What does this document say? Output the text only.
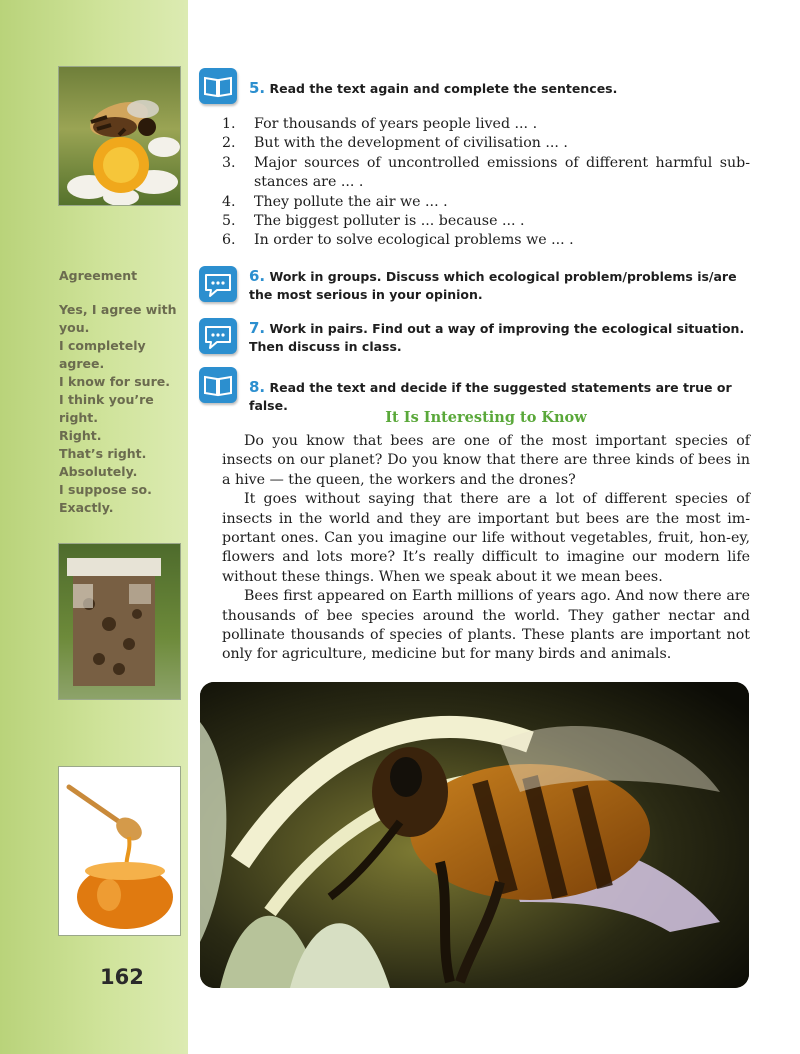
Agreement
Yes, I agree with you.
I completely agree.
I know for sure.
I think you’re right.
Right.
That’s right.
Absolutely.
I suppose so.
Exactly.
162
5. Read the text again and complete the sentences.
1. For thousands of years people lived ... .
2. But with the development of civilisation ... .
3. Major sources of uncontrolled emissions of different harmful sub-stances are ... .
4. They pollute the air we ... .
5. The biggest polluter is ... because ... .
6. In order to solve ecological problems we ... .
6. Work in groups. Discuss which ecological problem/problems is/are the most serious in your opinion.
7. Work in pairs. Find out a way of improving the ecological situation. Then discuss in class.
8. Read the text and decide if the suggested statements are true or false.
It Is Interesting to Know

Do you know that bees are one of the most important species of insects on our planet? Do you know that there are three kinds of bees in a hive — the queen, the workers and the drones?

It goes without saying that there are a lot of different species of insects in the world and they are important but bees are the most im-portant ones. Can you imagine our life without vegetables, fruit, hon-ey, flowers and lots more? It’s really difficult to imagine our modern life without these things. When we speak about it we mean bees.

Bees first appeared on Earth millions of years ago. And now there are thousands of bee species around the world. They gather nectar and pollinate thousands of species of plants. These plants are important not only for agriculture, medicine but for many birds and animals.
